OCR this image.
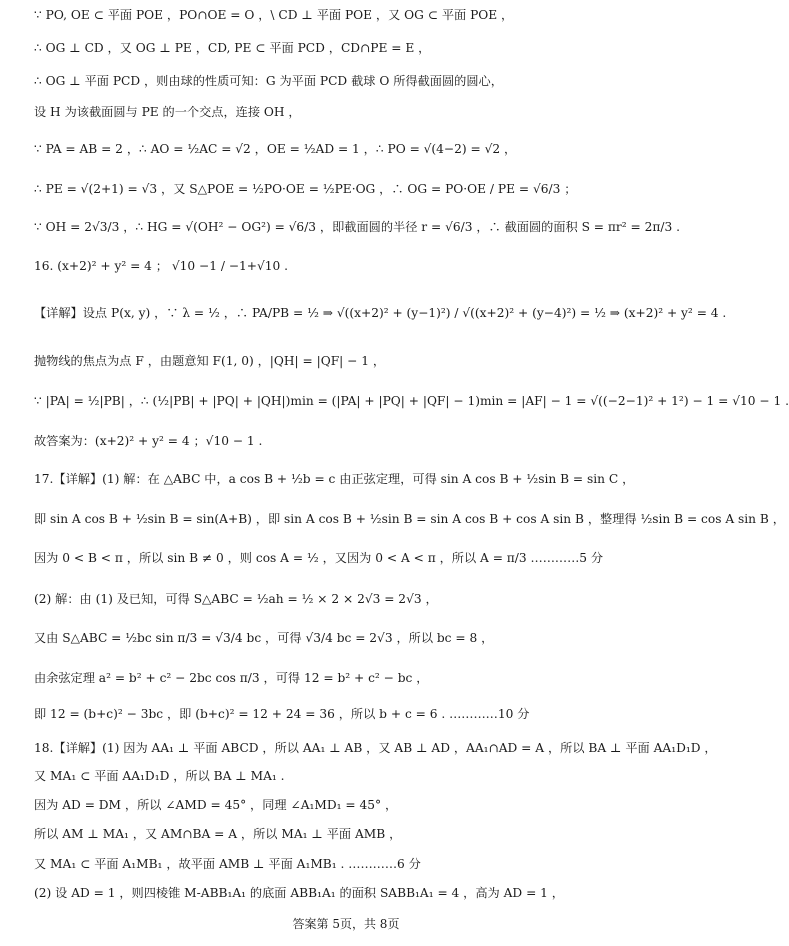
∵ PO, OE ⊂ 平面 POE ，PO∩OE = O ，\ CD ⊥ 平面 POE ，又 OG ⊂ 平面 POE ，
∴ OG ⊥ CD ，又 OG ⊥ PE ，CD, PE ⊂ 平面 PCD ，CD∩PE = E ，
∴ OG ⊥ 平面 PCD ，则由球的性质可知：G 为平面 PCD 截球 O 所得截面圆的圆心，
设 H 为该截面圆与 PE 的一个交点，连接 OH ，
∵ PA = AB = 2 ，∴ AO = ½AC = √2 ，OE = ½AD = 1 ，∴ PO = √(4−2) = √2 ，
∴ PE = √(2+1) = √3 ，又 S△POE = ½PO·OE = ½PE·OG ，∴ OG = PO·OE / PE = √6/3 ；
∵ OH = 2√3/3 ，∴ HG = √(OH² − OG²) = √6/3 ，即截面圆的半径 r = √6/3 ，∴ 截面圆的面积 S = πr² = 2π/3 .
16. (x+2)² + y² = 4 ； √10 −1 / −1+√10 .
【详解】设点 P(x, y) ，∵ λ = ½ ，∴ PA/PB = ½ ⇒ √((x+2)² + (y−1)²) / √((x+2)² + (y−4)²) = ½ ⇒ (x+2)² + y² = 4 .
抛物线的焦点为点 F ，由题意知 F(1, 0) ，|QH| = |QF| − 1 ，
∵ |PA| = ½|PB| ，∴ (½|PB| + |PQ| + |QH|)min = (|PA| + |PQ| + |QF| − 1)min = |AF| − 1 = √((−2−1)² + 1²) − 1 = √10 − 1 .
故答案为：(x+2)² + y² = 4 ；√10 − 1 .
17.【详解】(1) 解：在 △ABC 中，a cos B + ½b = c 由正弦定理，可得 sin A cos B + ½sin B = sin C ，
即 sin A cos B + ½sin B = sin(A+B) ，即 sin A cos B + ½sin B = sin A cos B + cos A sin B ，整理得 ½sin B = cos A sin B ，
因为 0 < B < π ，所以 sin B ≠ 0 ，则 cos A = ½ ，又因为 0 < A < π ，所以 A = π/3 …………5 分
(2) 解：由 (1) 及已知，可得 S△ABC = ½ah = ½ × 2 × 2√3 = 2√3 ，
又由 S△ABC = ½bc sin π/3 = √3/4 bc ，可得 √3/4 bc = 2√3 ，所以 bc = 8 ，
由余弦定理 a² = b² + c² − 2bc cos π/3 ，可得 12 = b² + c² − bc ，
即 12 = (b+c)² − 3bc ，即 (b+c)² = 12 + 24 = 36 ，所以 b + c = 6 . …………10 分
18.【详解】(1) 因为 AA₁ ⊥ 平面 ABCD ，所以 AA₁ ⊥ AB ，又 AB ⊥ AD ，AA₁∩AD = A ，所以 BA ⊥ 平面 AA₁D₁D ，
又 MA₁ ⊂ 平面 AA₁D₁D ，所以 BA ⊥ MA₁ .
因为 AD = DM ，所以 ∠AMD = 45° ，同理 ∠A₁MD₁ = 45° ，
所以 AM ⊥ MA₁ ，又 AM∩BA = A ，所以 MA₁ ⊥ 平面 AMB ，
又 MA₁ ⊂ 平面 A₁MB₁ ，故平面 AMB ⊥ 平面 A₁MB₁ . …………6 分
(2) 设 AD = 1 ，则四棱锥 M-ABB₁A₁ 的底面 ABB₁A₁ 的面积 SABB₁A₁ = 4 ，高为 AD = 1 ，
答案第 5页，共 8页
